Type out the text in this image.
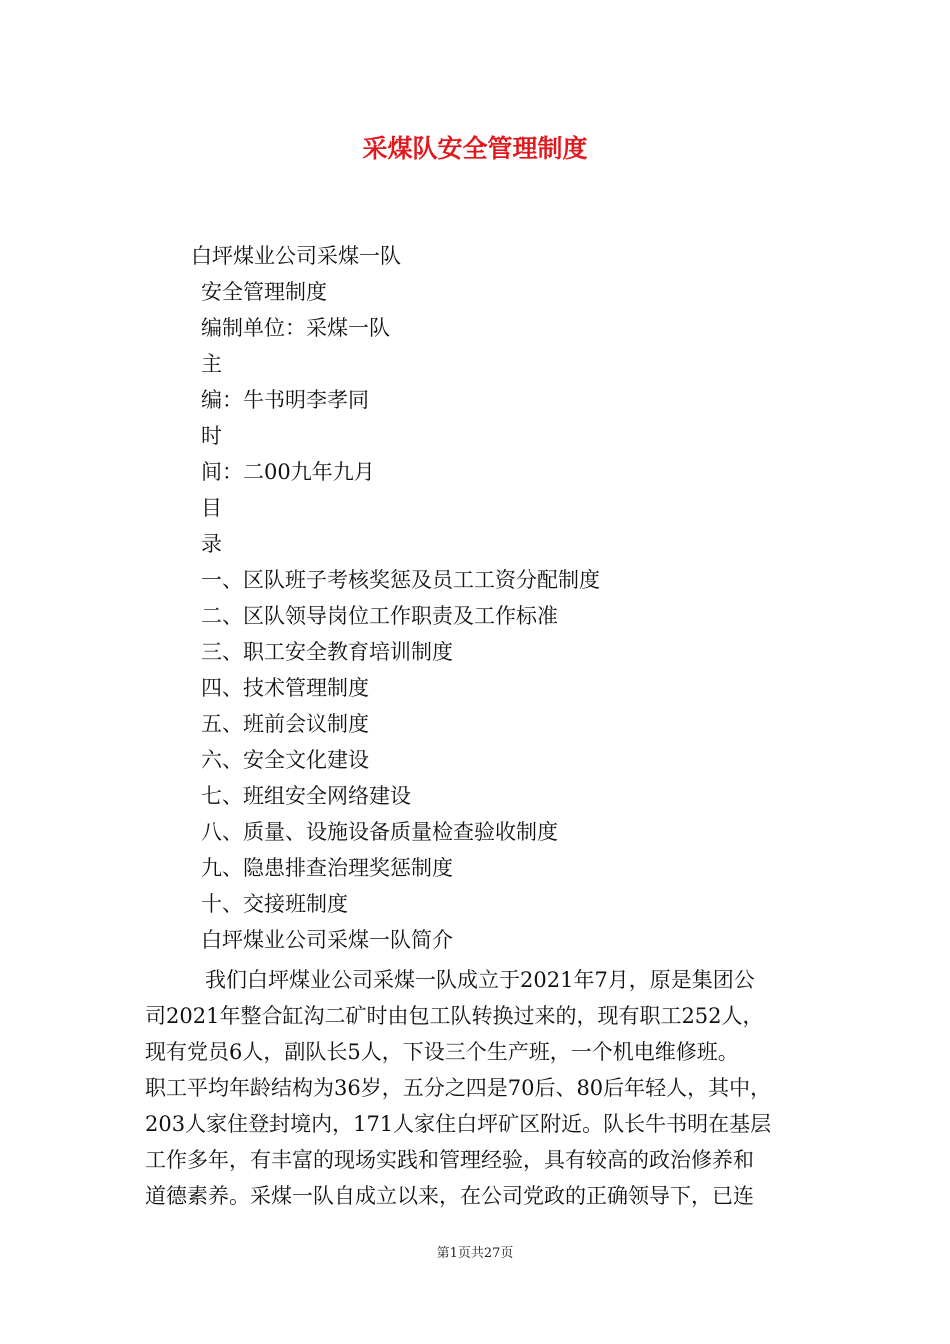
采煤队安全管理制度
白坪煤业公司采煤一队
安全管理制度
编制单位：采煤一队
主
编：牛书明李孝同
时
间：二00九年九月
目
录
一、区队班子考核奖惩及员工工资分配制度
二、区队领导岗位工作职责及工作标准
三、职工安全教育培训制度
四、技术管理制度
五、班前会议制度
六、安全文化建设
七、班组安全网络建设
八、质量、设施设备质量检查验收制度
九、隐患排查治理奖惩制度
十、交接班制度
白坪煤业公司采煤一队简介
我们白坪煤业公司采煤一队成立于2021年7月，原是集团公
司2021年整合缸沟二矿时由包工队转换过来的，现有职工252人，
现有党员6人，副队长5人，下设三个生产班，一个机电维修班。
职工平均年龄结构为36岁，五分之四是70后、80后年轻人，其中，
203人家住登封境内，171人家住白坪矿区附近。队长牛书明在基层
工作多年，有丰富的现场实践和管理经验，具有较高的政治修养和
道德素养。采煤一队自成立以来，在公司党政的正确领导下，已连
第1页共27页
